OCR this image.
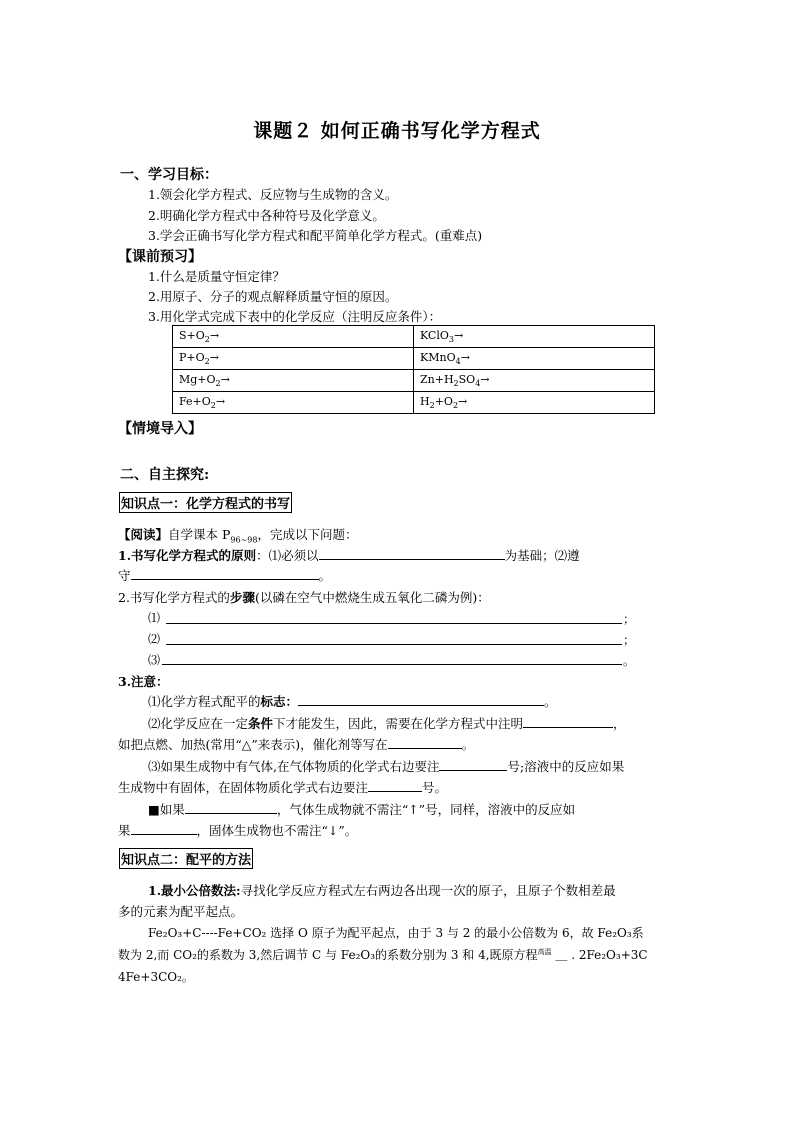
课题２ 如何正确书写化学方程式
一、学习目标：
1.领会化学方程式、反应物与生成物的含义。
2.明确化学方程式中各种符号及化学意义。
3.学会正确书写化学方程式和配平简单化学方程式。(重难点)
【课前预习】
1.什么是质量守恒定律？
2.用原子、分子的观点解释质量守恒的原因。
3.用化学式完成下表中的化学反应（注明反应条件）：
$S+O_2\to$	KClO$_3$→
$P+O_2\to$	KMnO$_4$→
$Mg+O_2\to$	$Zn+H_2SO_4\to$
$Fe+O_2\to$	$H_2+O_2\to$
【情境导入】
二、自主探究:
知识点一：化学方程式的书写
【阅读】自学课本 $P_{96\sim 98}$，完成以下问题：
1.书写化学方程式的原则：⑴必须以	为基础；⑵遵
守	。
2.书写化学方程式的步骤(以磷在空气中燃烧生成五氧化二磷为例)：
⑴	；
⑵	；
⑶	。
3.注意：
⑴化学方程式配平的标志：	。
⑵化学反应在一定条件下才能发生，因此，需要在化学方程式中注明	，
如把点燃、加热(常用“△”来表示)，催化剂等写在	。
⑶如果生成物中有气体,在气体物质的化学式右边要注	号;溶液中的反应如果
生成物中有固体，在固体物质化学式右边要注	号。
■如果	，气体生成物就不需注“↑”号，同样，溶液中的反应如
果	，固体生成物也不需注“↓”。
知识点二：配平的方法
1.最小公倍数法:寻找化学反应方程式左右两边各出现一次的原子，且原子个数相差最
多的元素为配平起点。
Fe₂O₃+C----Fe+CO₂ 选择 O 原子为配平起点，由于 3 与 2 的最小公倍数为 6，故 Fe₂O₃系
数为 2,而 CO₂的系数为 3,然后调节 C 与 Fe₂O₃的系数分别为 3 和 4,既原方程$^{高温}$ ＿ . 2Fe₂O₃+3C
4Fe+3CO₂。
